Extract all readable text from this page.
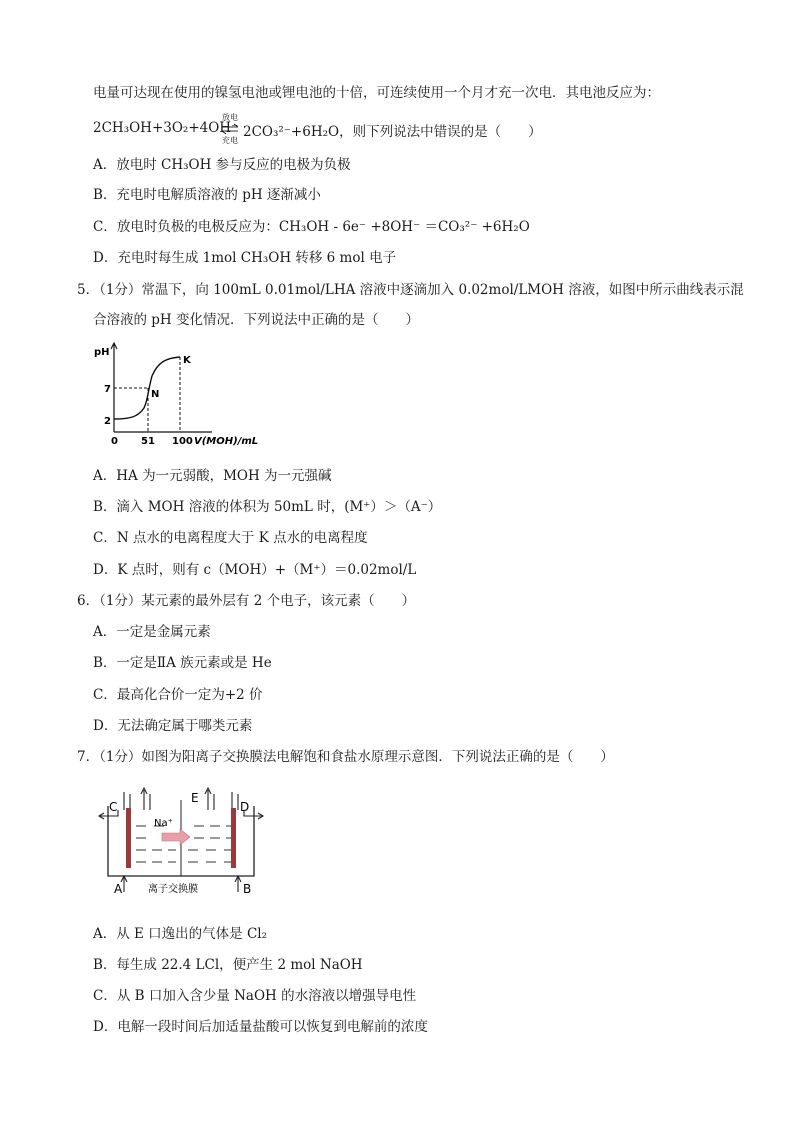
电量可达现在使用的镍氢电池或锂电池的十倍，可连续使用一个月才充一次电．其电池反应为：
2CH₃OH+3O₂+4OH⁻
放电
充电
2CO₃²⁻+6H₂O，则下列说法中错误的是（　　）
A．放电时 CH₃OH 参与反应的电极为负极
B．充电时电解质溶液的 pH 逐渐减小
C．放电时负极的电极反应为：CH₃OH - 6e⁻ +8OH⁻ ＝CO₃²⁻ +6H₂O
D．充电时每生成 1mol CH₃OH 转移 6 mol 电子
5．（1分）常温下，向 100mL 0.01mol/LHA 溶液中逐滴加入 0.02mol/LMOH 溶液，如图中所示曲线表示混
合溶液的 pH 变化情况．下列说法中正确的是（　　）
pH
K
N
7
2
0 51 100 V(MOH)/mL
A．HA 为一元弱酸，MOH 为一元强碱
B．滴入 MOH 溶液的体积为 50mL 时，(M⁺）＞（A⁻）
C．N 点水的电离程度大于 K 点水的电离程度
D．K 点时，则有 c（MOH）+（M⁺）＝0.02mol/L
6．（1分）某元素的最外层有 2 个电子，该元素（　　）
A．一定是金属元素
B．一定是ⅡA 族元素或是 He
C．最高化合价一定为+2 价
D．无法确定属于哪类元素
7．（1分）如图为阳离子交换膜法电解饱和食盐水原理示意图．下列说法正确的是（　　）
Na⁺
C
E
D
A	B
离子交换膜
A．从 E 口逸出的气体是 Cl₂
B．每生成 22.4 LCl，便产生 2 mol NaOH
C．从 B 口加入含少量 NaOH 的水溶液以增强导电性
D．电解一段时间后加适量盐酸可以恢复到电解前的浓度
